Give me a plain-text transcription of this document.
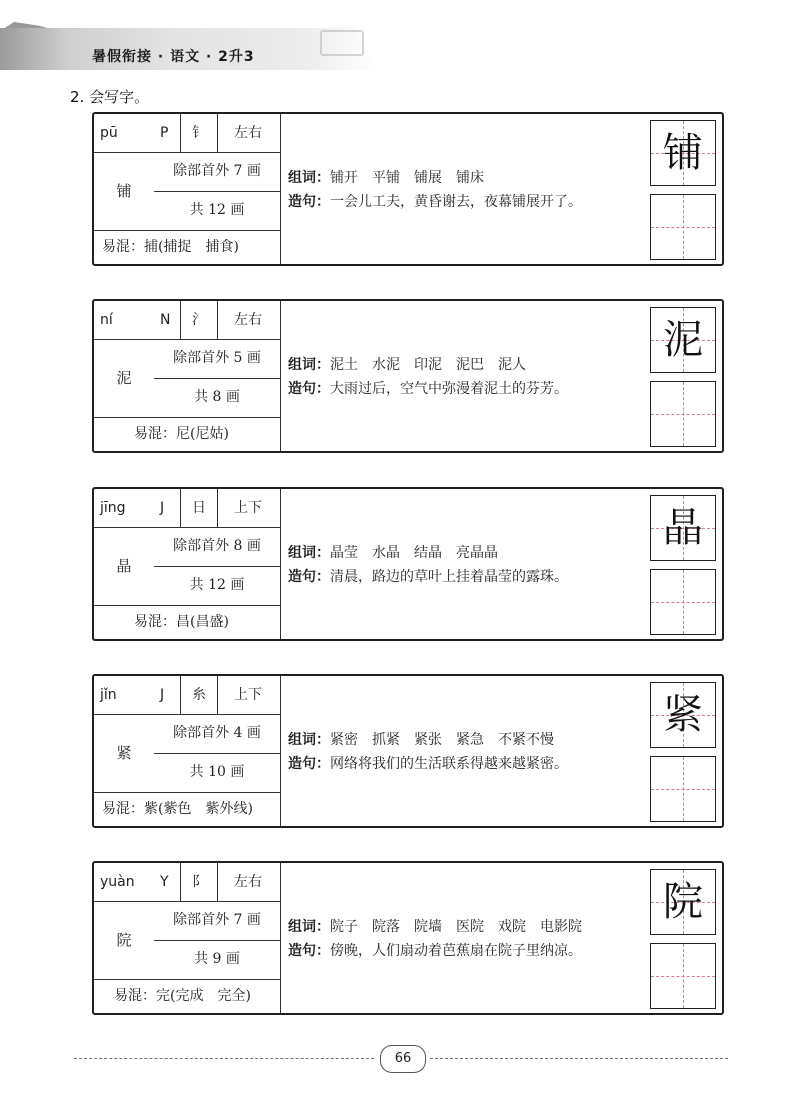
暑假衔接 · 语文 · 2升3
2. 会写字。
pū	P	钅	左右
铺
除部首外 7 画
共 12 画
易混：捕(捕捉　捕食)
组词：铺开　平铺　铺展　铺床
造句：一会儿工夫，黄昏谢去，夜幕铺展开了。
铺
ní	N	氵	左右
泥
除部首外 5 画
共 8 画
易混：尼(尼姑)
组词：泥土　水泥　印泥　泥巴　泥人
造句：大雨过后，空气中弥漫着泥土的芬芳。
泥
jīng	J	日	上下
晶
除部首外 8 画
共 12 画
易混：昌(昌盛)
组词：晶莹　水晶　结晶　亮晶晶
造句：清晨，路边的草叶上挂着晶莹的露珠。
晶
jǐn	J	糸	上下
紧
除部首外 4 画
共 10 画
易混：紫(紫色　紫外线)
组词：紧密　抓紧　紧张　紧急　不紧不慢
造句：网络将我们的生活联系得越来越紧密。
紧
yuàn	Y	阝	左右
院
除部首外 7 画
共 9 画
易混：完(完成　完全)
组词：院子　院落　院墙　医院　戏院　电影院
造句：傍晚，人们扇动着芭蕉扇在院子里纳凉。
院
66
